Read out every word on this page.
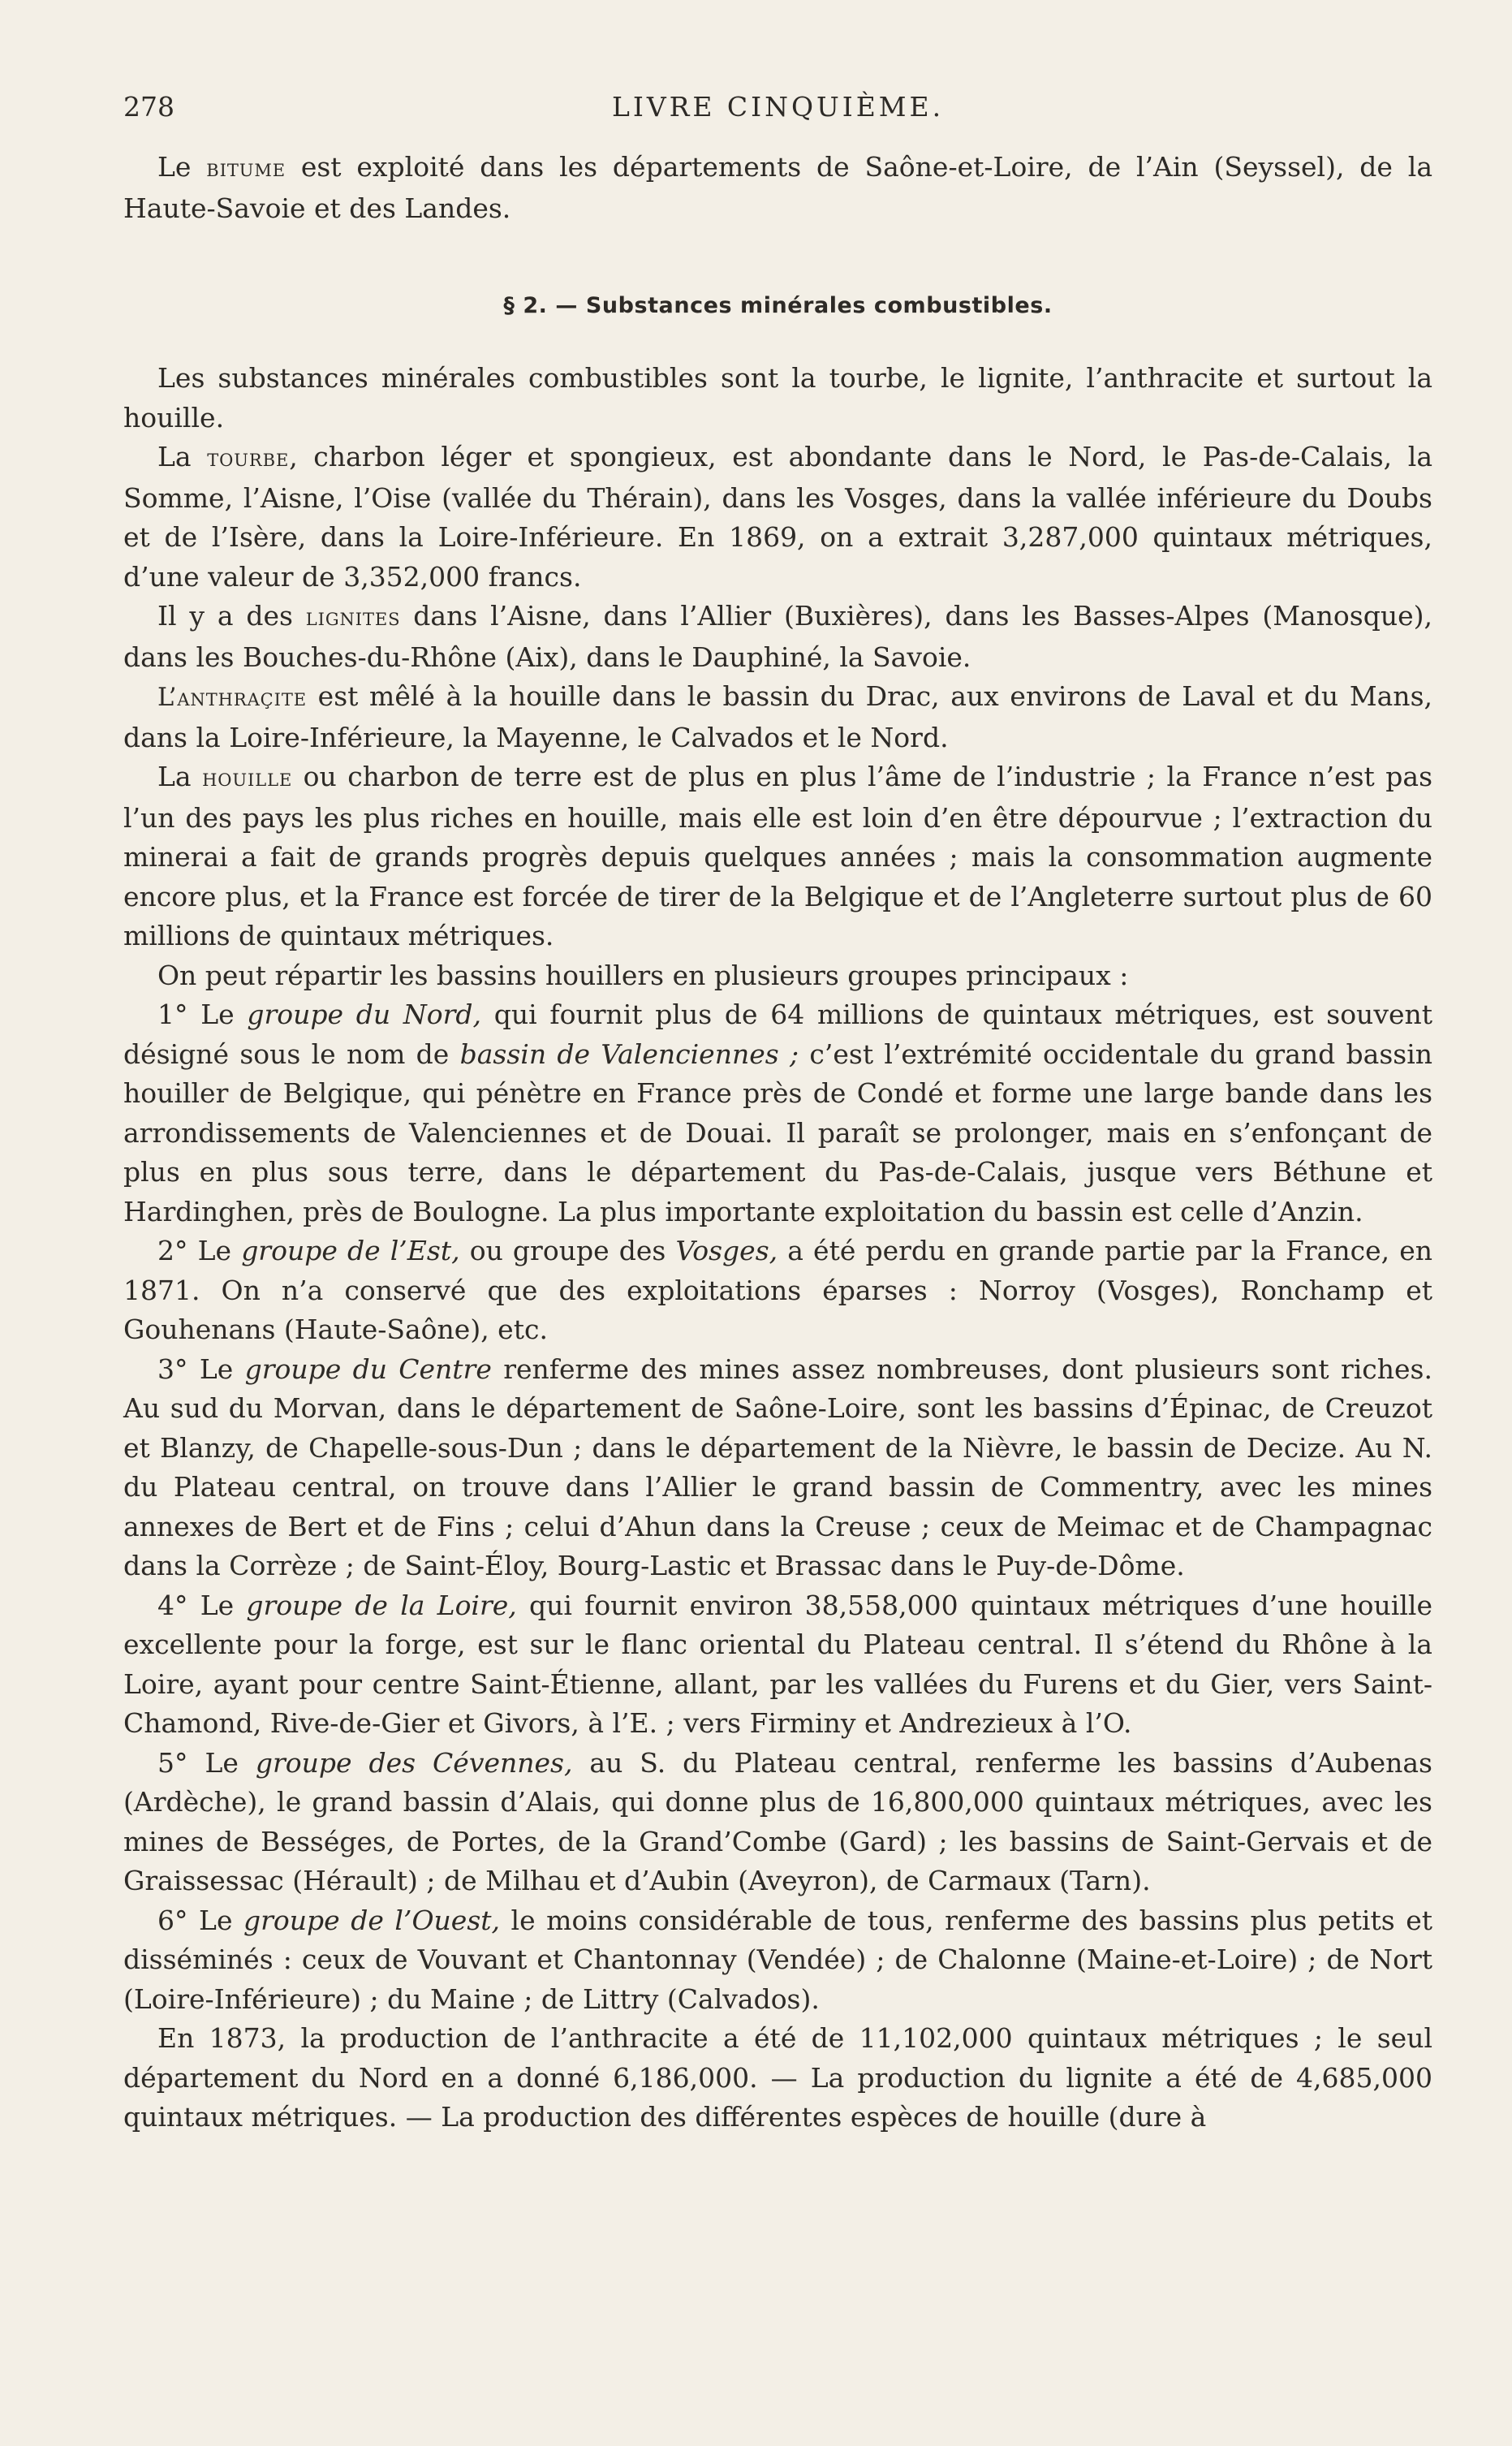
278	LIVRE CINQUIÈME.

Le bitume est exploité dans les départements de Saône-et-Loire, de l’Ain (Seyssel), de la Haute-Savoie et des Landes.

§ 2. — Substances minérales combustibles.

Les substances minérales combustibles sont la tourbe, le lignite, l’anthracite et surtout la houille.

La tourbe, charbon léger et spongieux, est abondante dans le Nord, le Pas-de-Calais, la Somme, l’Aisne, l’Oise (vallée du Thérain), dans les Vosges, dans la vallée inférieure du Doubs et de l’Isère, dans la Loire-Inférieure. En 1869, on a extrait 3,287,000 quintaux métriques, d’une valeur de 3,352,000 francs.

Il y a des lignites dans l’Aisne, dans l’Allier (Buxières), dans les Basses-Alpes (Manosque), dans les Bouches-du-Rhône (Aix), dans le Dauphiné, la Savoie.

L’anthraçite est mêlé à la houille dans le bassin du Drac, aux environs de Laval et du Mans, dans la Loire-Inférieure, la Mayenne, le Calvados et le Nord.

La houille ou charbon de terre est de plus en plus l’âme de l’industrie ; la France n’est pas l’un des pays les plus riches en houille, mais elle est loin d’en être dépourvue ; l’extraction du minerai a fait de grands progrès depuis quelques années ; mais la consommation augmente encore plus, et la France est forcée de tirer de la Belgique et de l’Angleterre surtout plus de 60 millions de quintaux métriques.

On peut répartir les bassins houillers en plusieurs groupes principaux :

1° Le groupe du Nord, qui fournit plus de 64 millions de quintaux métriques, est souvent désigné sous le nom de bassin de Valenciennes ; c’est l’extrémité occidentale du grand bassin houiller de Belgique, qui pénètre en France près de Condé et forme une large bande dans les arrondissements de Valenciennes et de Douai. Il paraît se prolonger, mais en s’enfonçant de plus en plus sous terre, dans le département du Pas-de-Calais, jusque vers Béthune et Hardinghen, près de Boulogne. La plus importante exploitation du bassin est celle d’Anzin.

2° Le groupe de l’Est, ou groupe des Vosges, a été perdu en grande partie par la France, en 1871. On n’a conservé que des exploitations éparses : Norroy (Vosges), Ronchamp et Gouhenans (Haute-Saône), etc.

3° Le groupe du Centre renferme des mines assez nombreuses, dont plusieurs sont riches. Au sud du Morvan, dans le département de Saône-Loire, sont les bassins d’Épinac, de Creuzot et Blanzy, de Chapelle-sous-Dun ; dans le département de la Nièvre, le bassin de Decize. Au N. du Plateau central, on trouve dans l’Allier le grand bassin de Commentry, avec les mines annexes de Bert et de Fins ; celui d’Ahun dans la Creuse ; ceux de Meimac et de Champagnac dans la Corrèze ; de Saint-Éloy, Bourg-Lastic et Brassac dans le Puy-de-Dôme.

4° Le groupe de la Loire, qui fournit environ 38,558,000 quintaux métriques d’une houille excellente pour la forge, est sur le flanc oriental du Plateau central. Il s’étend du Rhône à la Loire, ayant pour centre Saint-Étienne, allant, par les vallées du Furens et du Gier, vers Saint-Chamond, Rive-de-Gier et Givors, à l’E. ; vers Firminy et Andrezieux à l’O.

5° Le groupe des Cévennes, au S. du Plateau central, renferme les bassins d’Aubenas (Ardèche), le grand bassin d’Alais, qui donne plus de 16,800,000 quintaux métriques, avec les mines de Bességes, de Portes, de la Grand’Combe (Gard) ; les bassins de Saint-Gervais et de Graissessac (Hérault) ; de Milhau et d’Aubin (Aveyron), de Carmaux (Tarn).

6° Le groupe de l’Ouest, le moins considérable de tous, renferme des bassins plus petits et disséminés : ceux de Vouvant et Chantonnay (Vendée) ; de Chalonne (Maine-et-Loire) ; de Nort (Loire-Inférieure) ; du Maine ; de Littry (Calvados).

En 1873, la production de l’anthracite a été de 11,102,000 quintaux métriques ; le seul département du Nord en a donné 6,186,000. — La production du lignite a été de 4,685,000 quintaux métriques. — La production des différentes espèces de houille (dure à
